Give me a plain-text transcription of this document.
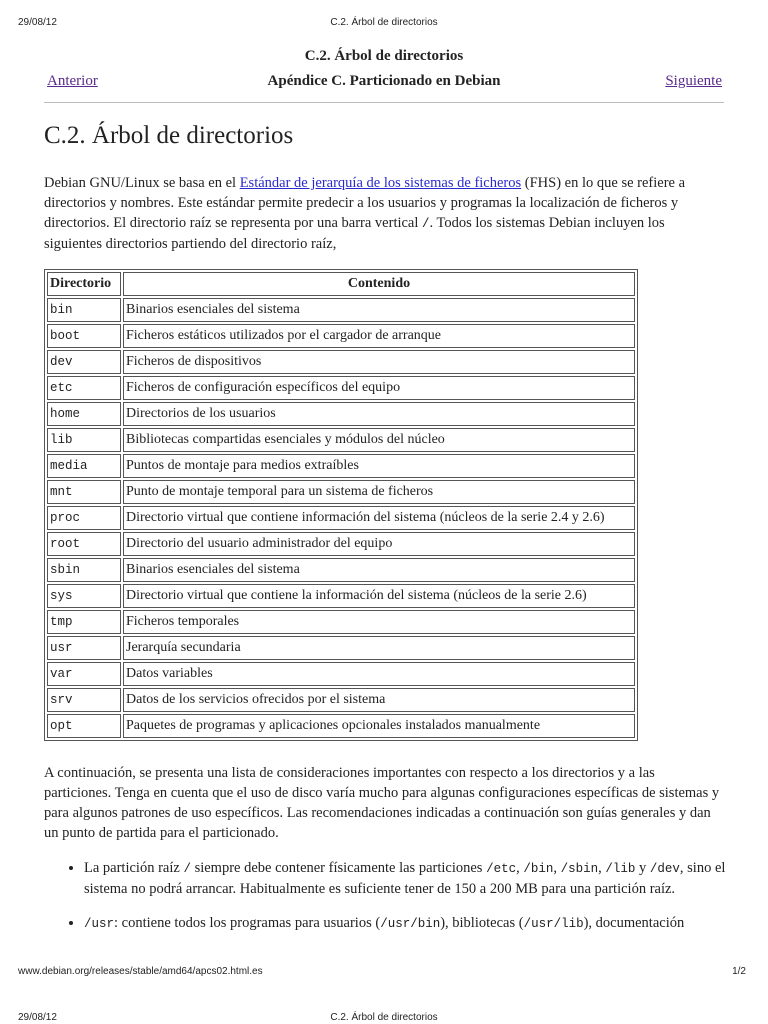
29/08/12	C.2. Árbol de directorios
C.2. Árbol de directorios
Anterior	Apéndice C. Particionado en Debian	Siguiente
C.2. Árbol de directorios

Debian GNU/Linux se basa en el Estándar de jerarquía de los sistemas de ficheros (FHS) en lo que se refiere a directorios y nombres. Este estándar permite predecir a los usuarios y programas la localización de ficheros y directorios. El directorio raíz se representa por una barra vertical /. Todos los sistemas Debian incluyen los siguientes directorios partiendo del directorio raíz,

Directorio	Contenido
bin	Binarios esenciales del sistema
boot	Ficheros estáticos utilizados por el cargador de arranque
dev	Ficheros de dispositivos
etc	Ficheros de configuración específicos del equipo
home	Directorios de los usuarios
lib	Bibliotecas compartidas esenciales y módulos del núcleo
media	Puntos de montaje para medios extraíbles
mnt	Punto de montaje temporal para un sistema de ficheros
proc	Directorio virtual que contiene información del sistema (núcleos de la serie 2.4 y 2.6)
root	Directorio del usuario administrador del equipo
sbin	Binarios esenciales del sistema
sys	Directorio virtual que contiene la información del sistema (núcleos de la serie 2.6)
tmp	Ficheros temporales
usr	Jerarquía secundaria
var	Datos variables
srv	Datos de los servicios ofrecidos por el sistema
opt	Paquetes de programas y aplicaciones opcionales instalados manualmente

A continuación, se presenta una lista de consideraciones importantes con respecto a los directorios y a las particiones. Tenga en cuenta que el uso de disco varía mucho para algunas configuraciones específicas de sistemas y para algunos patrones de uso específicos. Las recomendaciones indicadas a continuación son guías generales y dan un punto de partida para el particionado.

• La partición raíz / siempre debe contener físicamente las particiones /etc, /bin, /sbin, /lib y /dev, sino el sistema no podrá arrancar. Habitualmente es suficiente tener de 150 a 200 MB para una partición raíz.
• /usr: contiene todos los programas para usuarios (/usr/bin), bibliotecas (/usr/lib), documentación
www.debian.org/releases/stable/amd64/apcs02.html.es	1/2
29/08/12	C.2. Árbol de directorios
